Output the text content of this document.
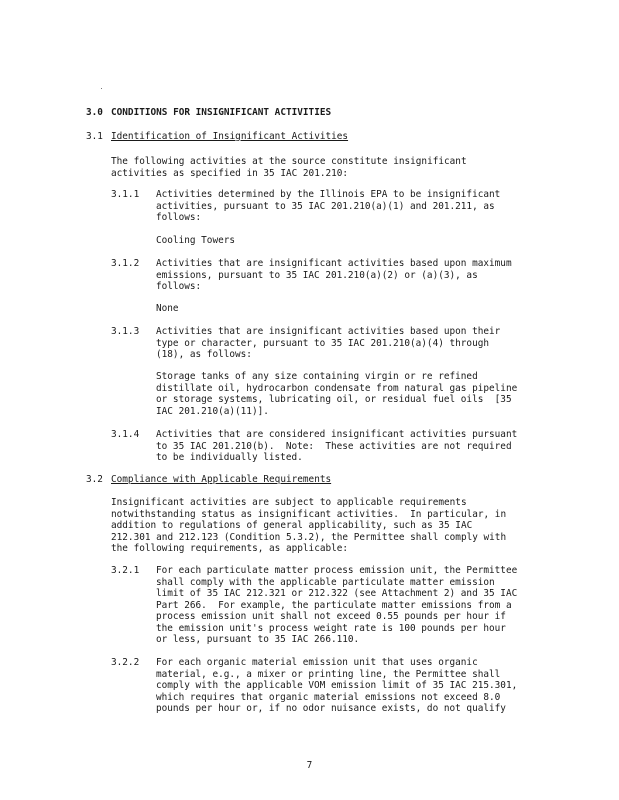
3.0 CONDITIONS FOR INSIGNIFICANT ACTIVITIES
3.1 Identification of Insignificant Activities
The following activities at the source constitute insignificant
activities as specified in 35 IAC 201.210:
3.1.1 Activities determined by the Illinois EPA to be insignificant
activities, pursuant to 35 IAC 201.210(a)(1) and 201.211, as
follows:
Cooling Towers
3.1.2 Activities that are insignificant activities based upon maximum
emissions, pursuant to 35 IAC 201.210(a)(2) or (a)(3), as
follows:
None
3.1.3 Activities that are insignificant activities based upon their
type or character, pursuant to 35 IAC 201.210(a)(4) through
(18), as follows:
Storage tanks of any size containing virgin or re refined
distillate oil, hydrocarbon condensate from natural gas pipeline
or storage systems, lubricating oil, or residual fuel oils  [35
IAC 201.210(a)(11)].
3.1.4 Activities that are considered insignificant activities pursuant
to 35 IAC 201.210(b).  Note:  These activities are not required
to be individually listed.
3.2 Compliance with Applicable Requirements
Insignificant activities are subject to applicable requirements
notwithstanding status as insignificant activities.  In particular, in
addition to regulations of general applicability, such as 35 IAC
212.301 and 212.123 (Condition 5.3.2), the Permittee shall comply with
the following requirements, as applicable:
3.2.1 For each particulate matter process emission unit, the Permittee
shall comply with the applicable particulate matter emission
limit of 35 IAC 212.321 or 212.322 (see Attachment 2) and 35 IAC
Part 266.  For example, the particulate matter emissions from a
process emission unit shall not exceed 0.55 pounds per hour if
the emission unit's process weight rate is 100 pounds per hour
or less, pursuant to 35 IAC 266.110.
3.2.2 For each organic material emission unit that uses organic
material, e.g., a mixer or printing line, the Permittee shall
comply with the applicable VOM emission limit of 35 IAC 215.301,
which requires that organic material emissions not exceed 8.0
pounds per hour or, if no odor nuisance exists, do not qualify
7
